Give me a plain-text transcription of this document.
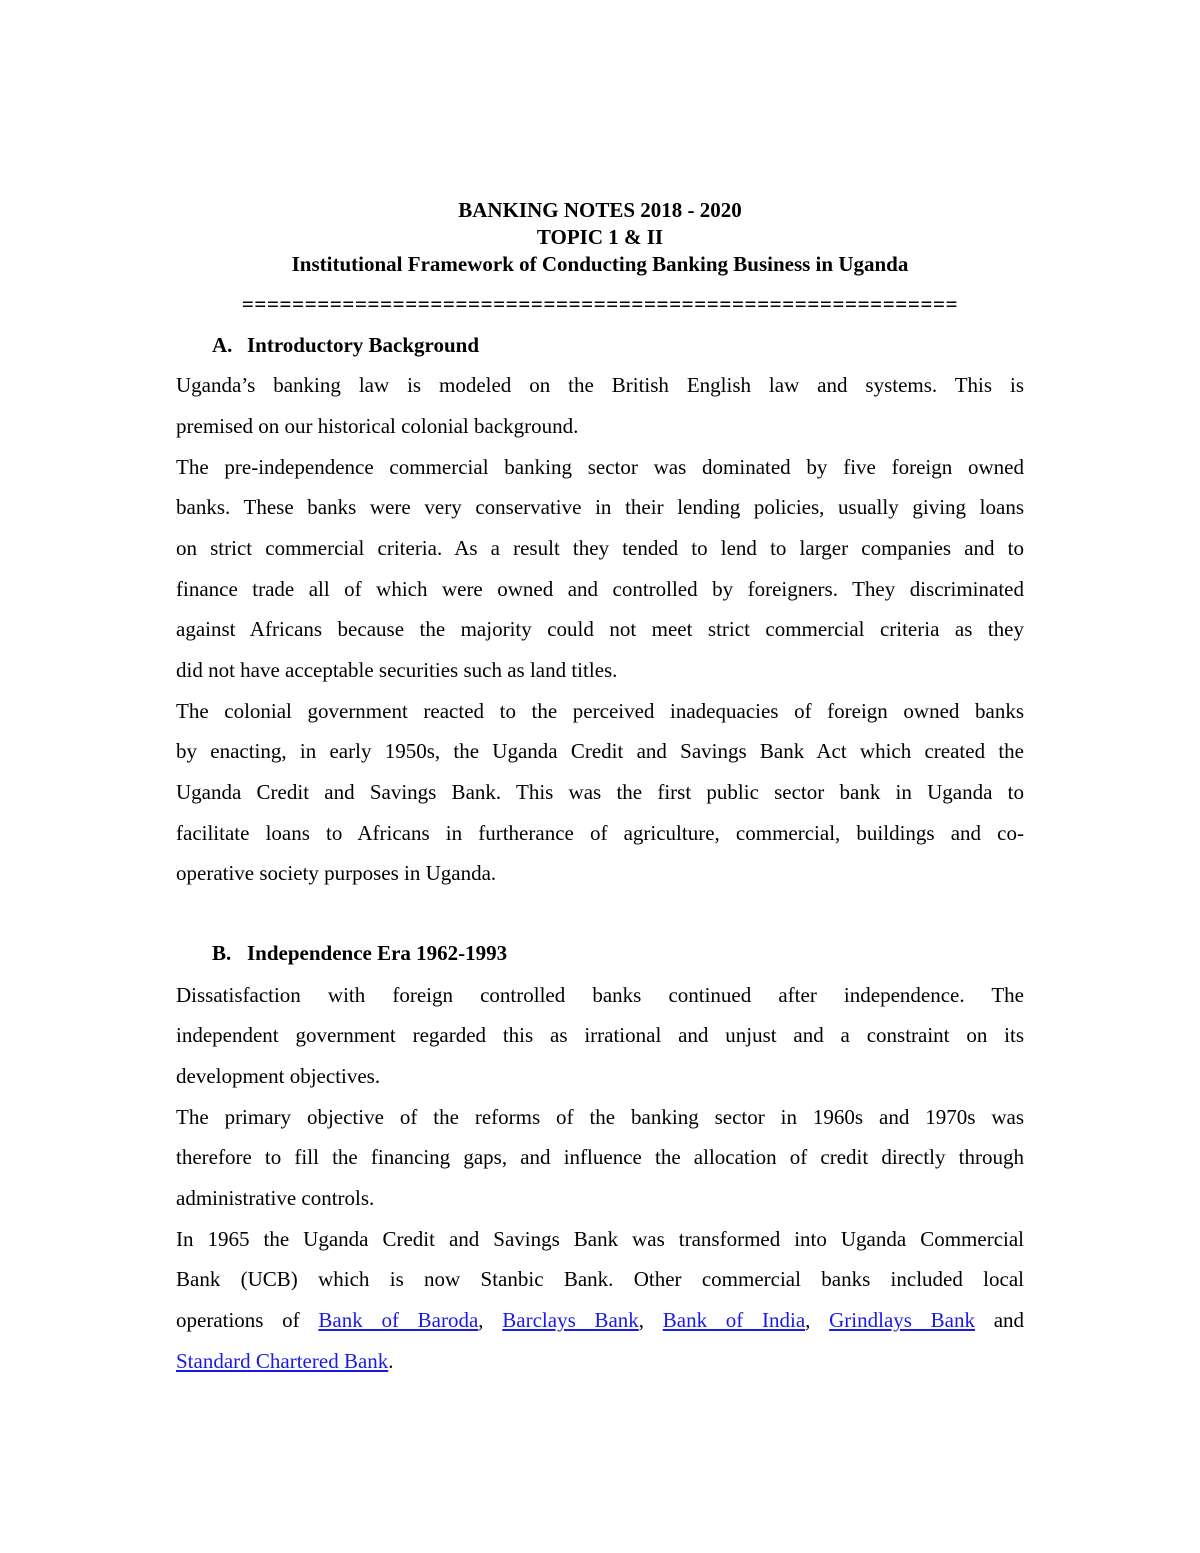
BANKING NOTES 2018 - 2020
TOPIC 1 & II
Institutional Framework of Conducting Banking Business in Uganda
=========================================================
A. Introductory Background
Uganda’s banking law is modeled on the British English law and systems. This is
premised on our historical colonial background.
The pre-independence commercial banking sector was dominated by five foreign owned
banks. These banks were very conservative in their lending policies, usually giving loans
on strict commercial criteria. As a result they tended to lend to larger companies and to
finance trade all of which were owned and controlled by foreigners. They discriminated
against Africans because the majority could not meet strict commercial criteria as they
did not have acceptable securities such as land titles.
The colonial government reacted to the perceived inadequacies of foreign owned banks
by enacting, in early 1950s, the Uganda Credit and Savings Bank Act which created the
Uganda Credit and Savings Bank. This was the first public sector bank in Uganda to
facilitate loans to Africans in furtherance of agriculture, commercial, buildings and co-
operative society purposes in Uganda.
B. Independence Era 1962-1993
Dissatisfaction with foreign controlled banks continued after independence. The
independent government regarded this as irrational and unjust and a constraint on its
development objectives.
The primary objective of the reforms of the banking sector in 1960s and 1970s was
therefore to fill the financing gaps, and influence the allocation of credit directly through
administrative controls.
In 1965 the Uganda Credit and Savings Bank was transformed into Uganda Commercial
Bank (UCB) which is now Stanbic Bank. Other commercial banks included local
operations of Bank of Baroda, Barclays Bank, Bank of India, Grindlays Bank and
Standard Chartered Bank.
